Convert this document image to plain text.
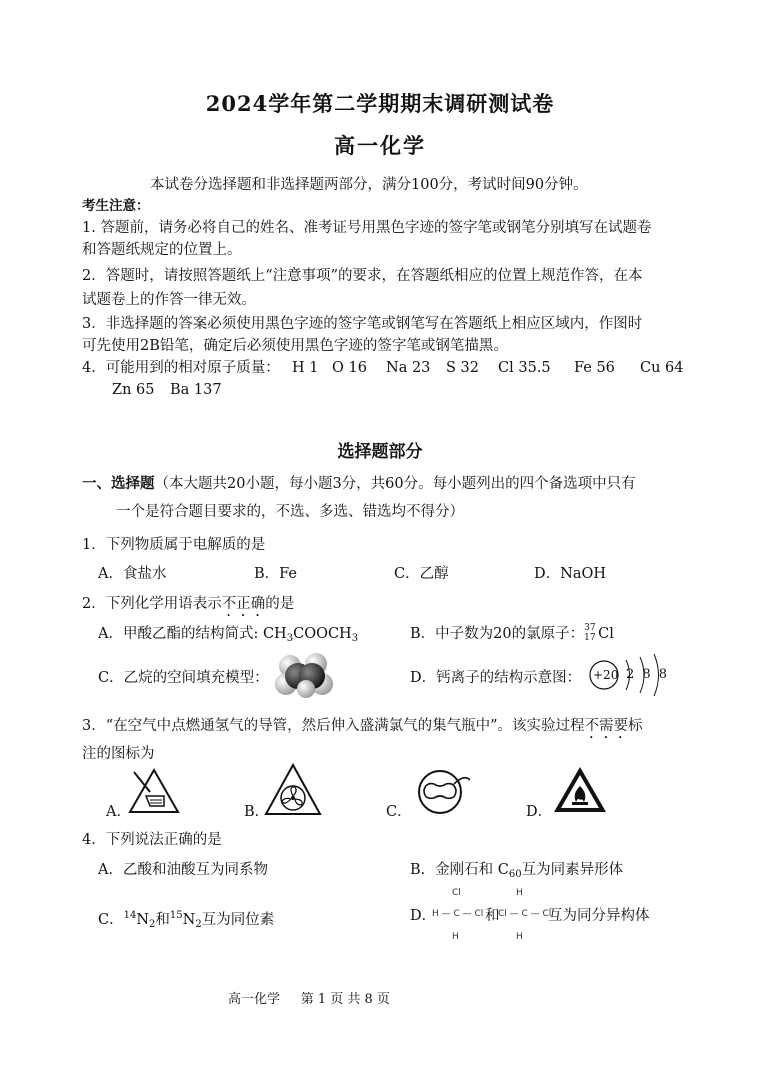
2024学年第二学期期末调研测试卷
高一化学
本试卷分选择题和非选择题两部分，满分100分，考试时间90分钟。
考生注意：
1. 答题前，请务必将自己的姓名、准考证号用黑色字迹的签字笔或钢笔分别填写在试题卷
和答题纸规定的位置上。
2．答题时，请按照答题纸上“注意事项”的要求，在答题纸相应的位置上规范作答，在本
试题卷上的作答一律无效。
3．非选择题的答案必须使用黑色字迹的签字笔或钢笔写在答题纸上相应区域内，作图时
可先使用2B铅笔，确定后必须使用黑色字迹的签字笔或钢笔描黑。
4．可能用到的相对原子质量： H 1 O 16 Na 23 S 32 Cl 35.5 Fe 56 Cu 64
Zn 65 Ba 137
选择题部分
一、选择题（本大题共20小题，每小题3分，共60分。每小题列出的四个备选项中只有
一个是符合题目要求的，不选、多选、错选均不得分）
1．下列物质属于电解质的是
A．食盐水	B．Fe	C．乙醇	D．NaOH
2．下列化学用语表示不正确的是
A．甲酸乙酯的结构简式: $CH_3COOCH_3$	B．中子数为20的氯原子： 37
17 Cl
C．乙烷的空间填充模型：	D．钙离子的结构示意图： +20 2 8 8
3．“在空气中点燃通氢气的导管，然后伸入盛满氯气的集气瓶中”。该实验过程不需要标
注的图标为
A．	B．	C．	D．
4．下列说法正确的是
A．乙酸和油酸互为同系物	B．金刚石和 $C_{60}$互为同素异形体
C．$^{14}N_2$和$^{15}N_2$互为同位素	D．
Cl
H — C — Cl
H
和
H
Cl — C — Cl
H
互为同分异构体
高一化学 第 1 页 共 8 页
